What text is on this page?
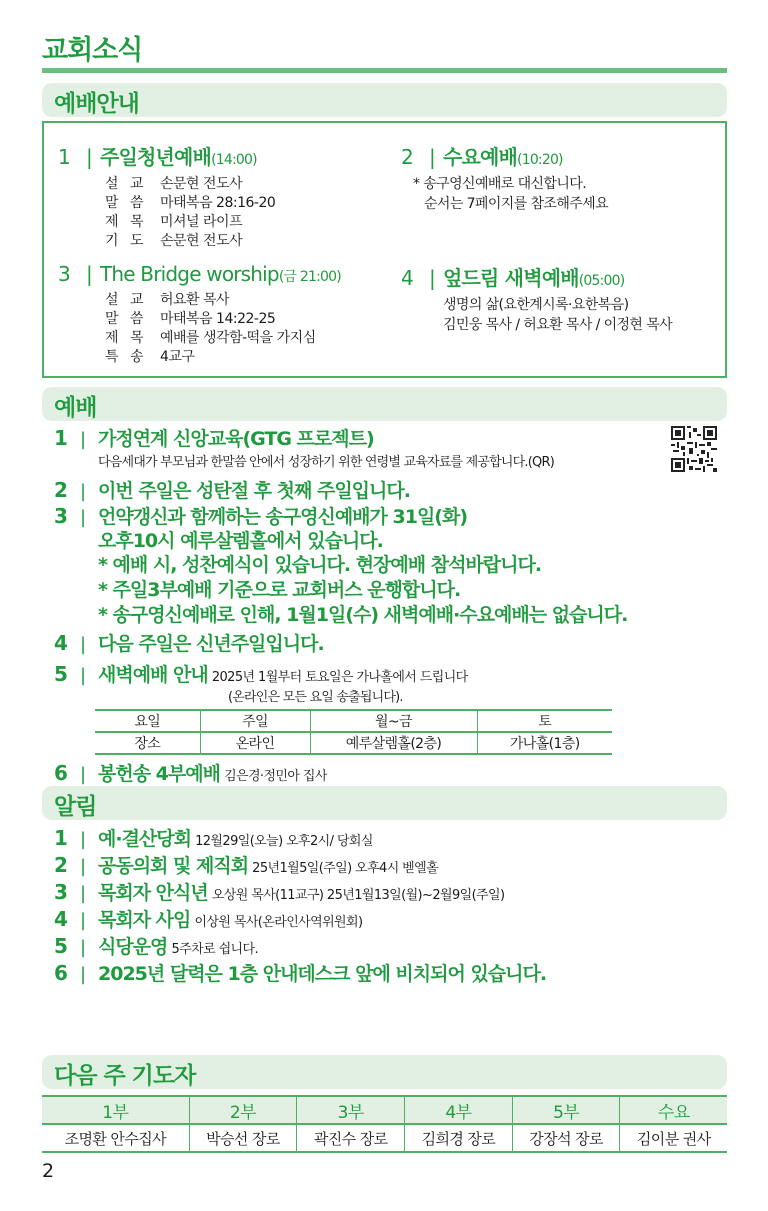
교회소식
예배안내
1 | 주일청년예배(14:00)
설 교 손문현 전도사
말 씀 마태복음 28:16-20
제 목 미셔널 라이프
기 도 손문현 전도사
2 | 수요예배(10:20)
* 송구영신예배로 대신합니다.
순서는 7페이지를 참조해주세요
3 | The Bridge worship(금 21:00)
설 교 허요환 목사
말 씀 마태복음 14:22-25
제 목 예배를 생각함-떡을 가지심
특 송 4교구
4 | 엎드림 새벽예배(05:00)
생명의 삶(요한계시록·요한복음)
김민웅 목사 / 허요환 목사 / 이정현 목사
예배
1 | 가정연계 신앙교육(GTG 프로젝트)
다음세대가 부모님과 한말씀 안에서 성장하기 위한 연령별 교육자료를 제공합니다.(QR)
2 | 이번 주일은 성탄절 후 첫째 주일입니다.
3 | 언약갱신과 함께하는 송구영신예배가 31일(화)
오후10시 예루살렘홀에서 있습니다.
* 예배 시, 성찬예식이 있습니다. 현장예배 참석바랍니다.
* 주일3부예배 기준으로 교회버스 운행합니다.
* 송구영신예배로 인해, 1월1일(수) 새벽예배·수요예배는 없습니다.
4 | 다음 주일은 신년주일입니다.
5 | 새벽예배 안내 2025년 1월부터 토요일은 가나홀에서 드립니다
(온라인은 모든 요일 송출됩니다).
요일	주일	월~금	토
장소	온라인	예루살렘홀(2층)	가나홀(1층)
6 | 봉헌송 4부예배 김은경·정민아 집사
알림
1 | 예·결산당회 12월29일(오늘) 오후2시/ 당회실
2 | 공동의회 및 제직회 25년1월5일(주일) 오후4시 벧엘홀
3 | 목회자 안식년 오상원 목사(11교구) 25년1월13일(월)~2월9일(주일)
4 | 목회자 사임 이상원 목사(온라인사역위원회)
5 | 식당운영 5주차로 쉽니다.
6 | 2025년 달력은 1층 안내데스크 앞에 비치되어 있습니다.
다음 주 기도자
1부	2부	3부	4부	5부	수요
조명환 안수집사	박승선 장로	곽진수 장로	김희경 장로	강장석 장로	김이분 권사
2
